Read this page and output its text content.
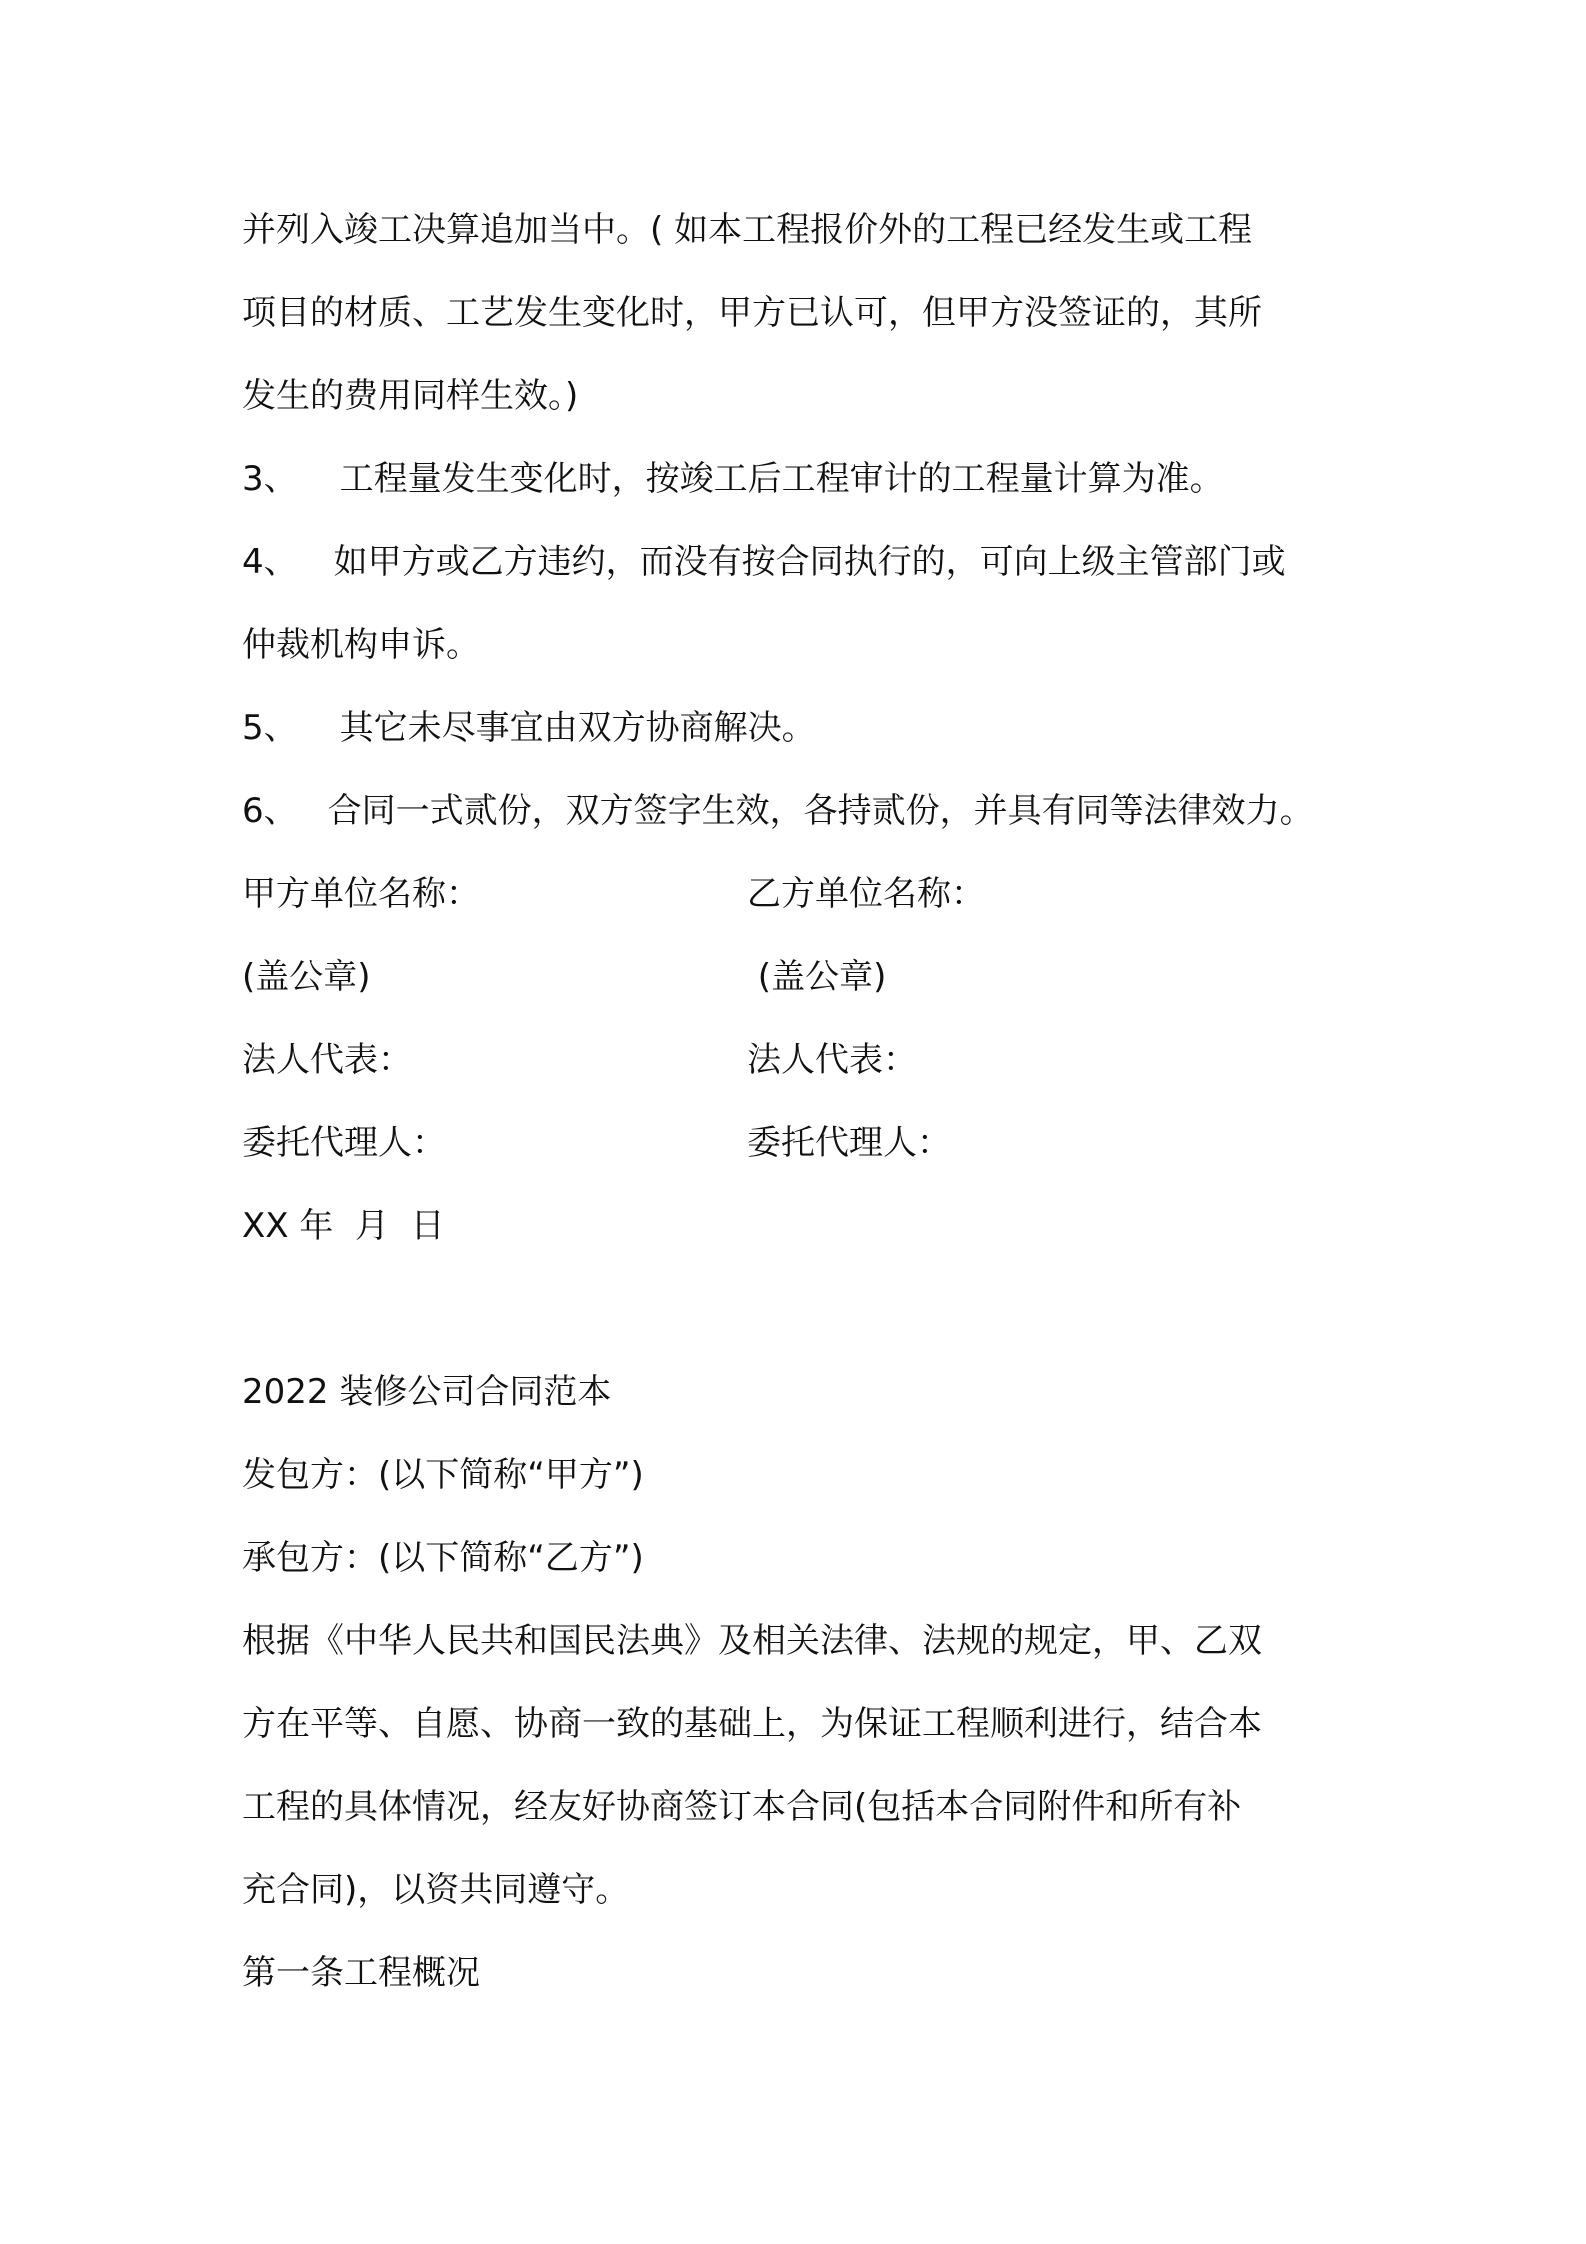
并列入竣工决算追加当中。( 如本工程报价外的工程已经发生或工程
项目的材质、工艺发生变化时，甲方已认可，但甲方没签证的，其所
发生的费用同样生效。)
3、 工程量发生变化时，按竣工后工程审计的工程量计算为准。
4、 如甲方或乙方违约，而没有按合同执行的，可向上级主管部门或
仲裁机构申诉。
5、 其它未尽事宜由双方协商解决。
6、 合同一式贰份，双方签字生效，各持贰份，并具有同等法律效力。
甲方单位名称：	乙方单位名称：
(盖公章)	(盖公章)
法人代表：	法人代表：
委托代理人：	委托代理人：
XX 年  月  日
2022 装修公司合同范本
发包方：(以下简称“甲方”)
承包方：(以下简称“乙方”)
根据《中华人民共和国民法典》及相关法律、法规的规定，甲、乙双
方在平等、自愿、协商一致的基础上，为保证工程顺利进行，结合本
工程的具体情况，经友好协商签订本合同(包括本合同附件和所有补
充合同)，以资共同遵守。
第一条工程概况
